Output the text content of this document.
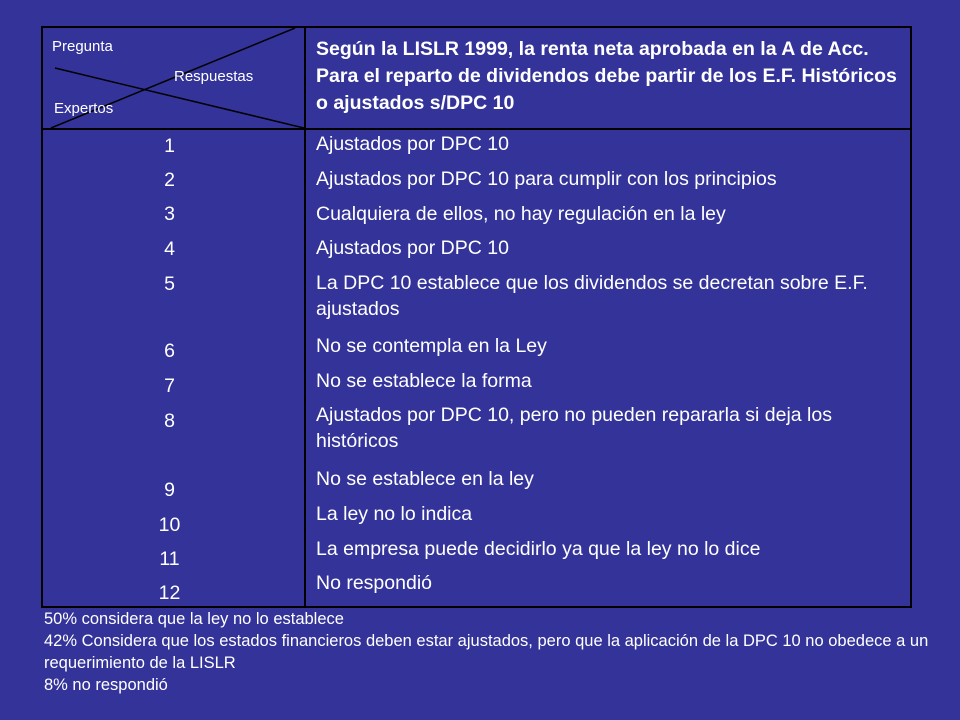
Pregunta
Respuestas
Expertos
Según la LISLR 1999, la renta neta aprobada en la A de Acc. Para el reparto de dividendos debe partir de los E.F. Históricos o ajustados s/DPC 10
1
2
3
4
5
6
7
8
9
10
11
12
Ajustados por DPC 10
Ajustados por DPC 10 para cumplir con los principios
Cualquiera de ellos, no hay regulación en la ley
Ajustados por DPC 10
La DPC 10 establece que los dividendos se decretan sobre E.F. ajustados
No se contempla en la Ley
No se establece la forma
Ajustados por DPC 10, pero no pueden repararla si deja los históricos
No se establece en la ley
La ley no lo indica
La empresa puede decidirlo ya que la ley no lo dice
No respondió
50% considera que la ley no lo establece
42% Considera que los estados financieros deben estar ajustados, pero que la aplicación de la DPC 10 no obedece a un requerimiento de la LISLR
8% no respondió
